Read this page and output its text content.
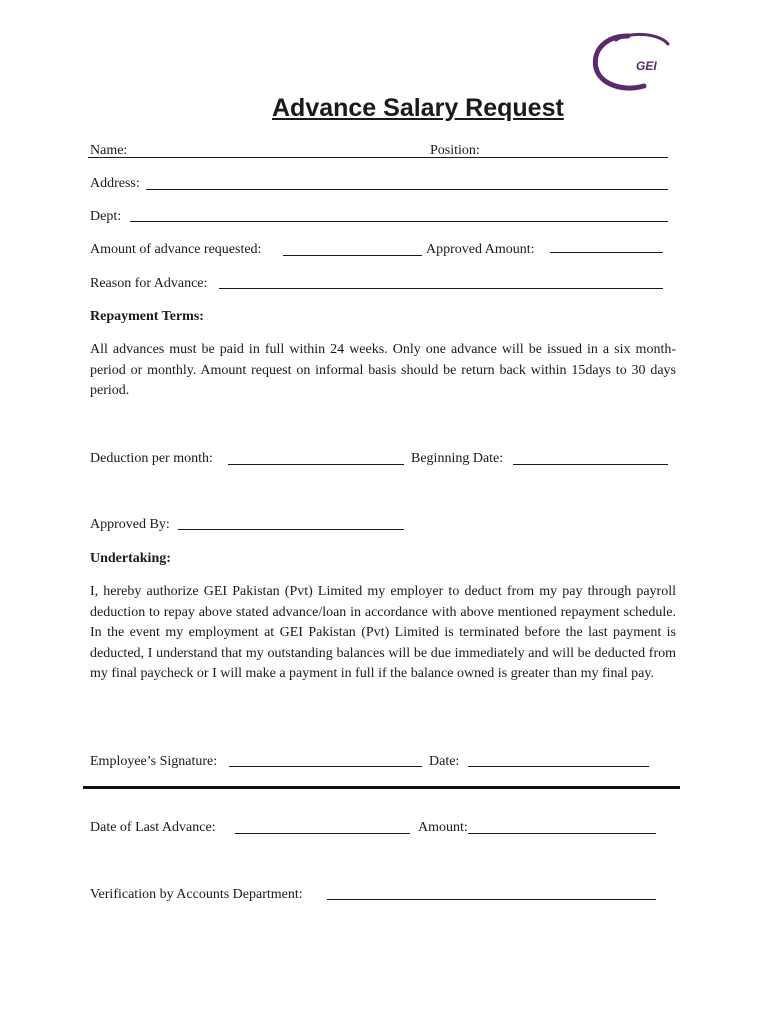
GEI
Advance Salary Request
Name:	Position:
Address:
Dept:
Amount of advance requested:	Approved Amount:
Reason for Advance:
Repayment Terms:

All advances must be paid in full within 24 weeks. Only one advance will be issued in a six month-period or monthly. Amount request on informal basis should be return back within 15days to 30 days period.

Deduction per month:	Beginning Date:
Approved By:
Undertaking:

I, hereby authorize GEI Pakistan (Pvt) Limited my employer to deduct from my pay through payroll deduction to repay above stated advance/loan in accordance with above mentioned repayment schedule. In the event my employment at GEI Pakistan (Pvt) Limited is terminated before the last payment is deducted, I understand that my outstanding balances will be due immediately and will be deducted from my final paycheck or I will make a payment in full if the balance owned is greater than my final pay.

Employee’s Signature:	Date:
Date of Last Advance:	Amount:
Verification by Accounts Department:
